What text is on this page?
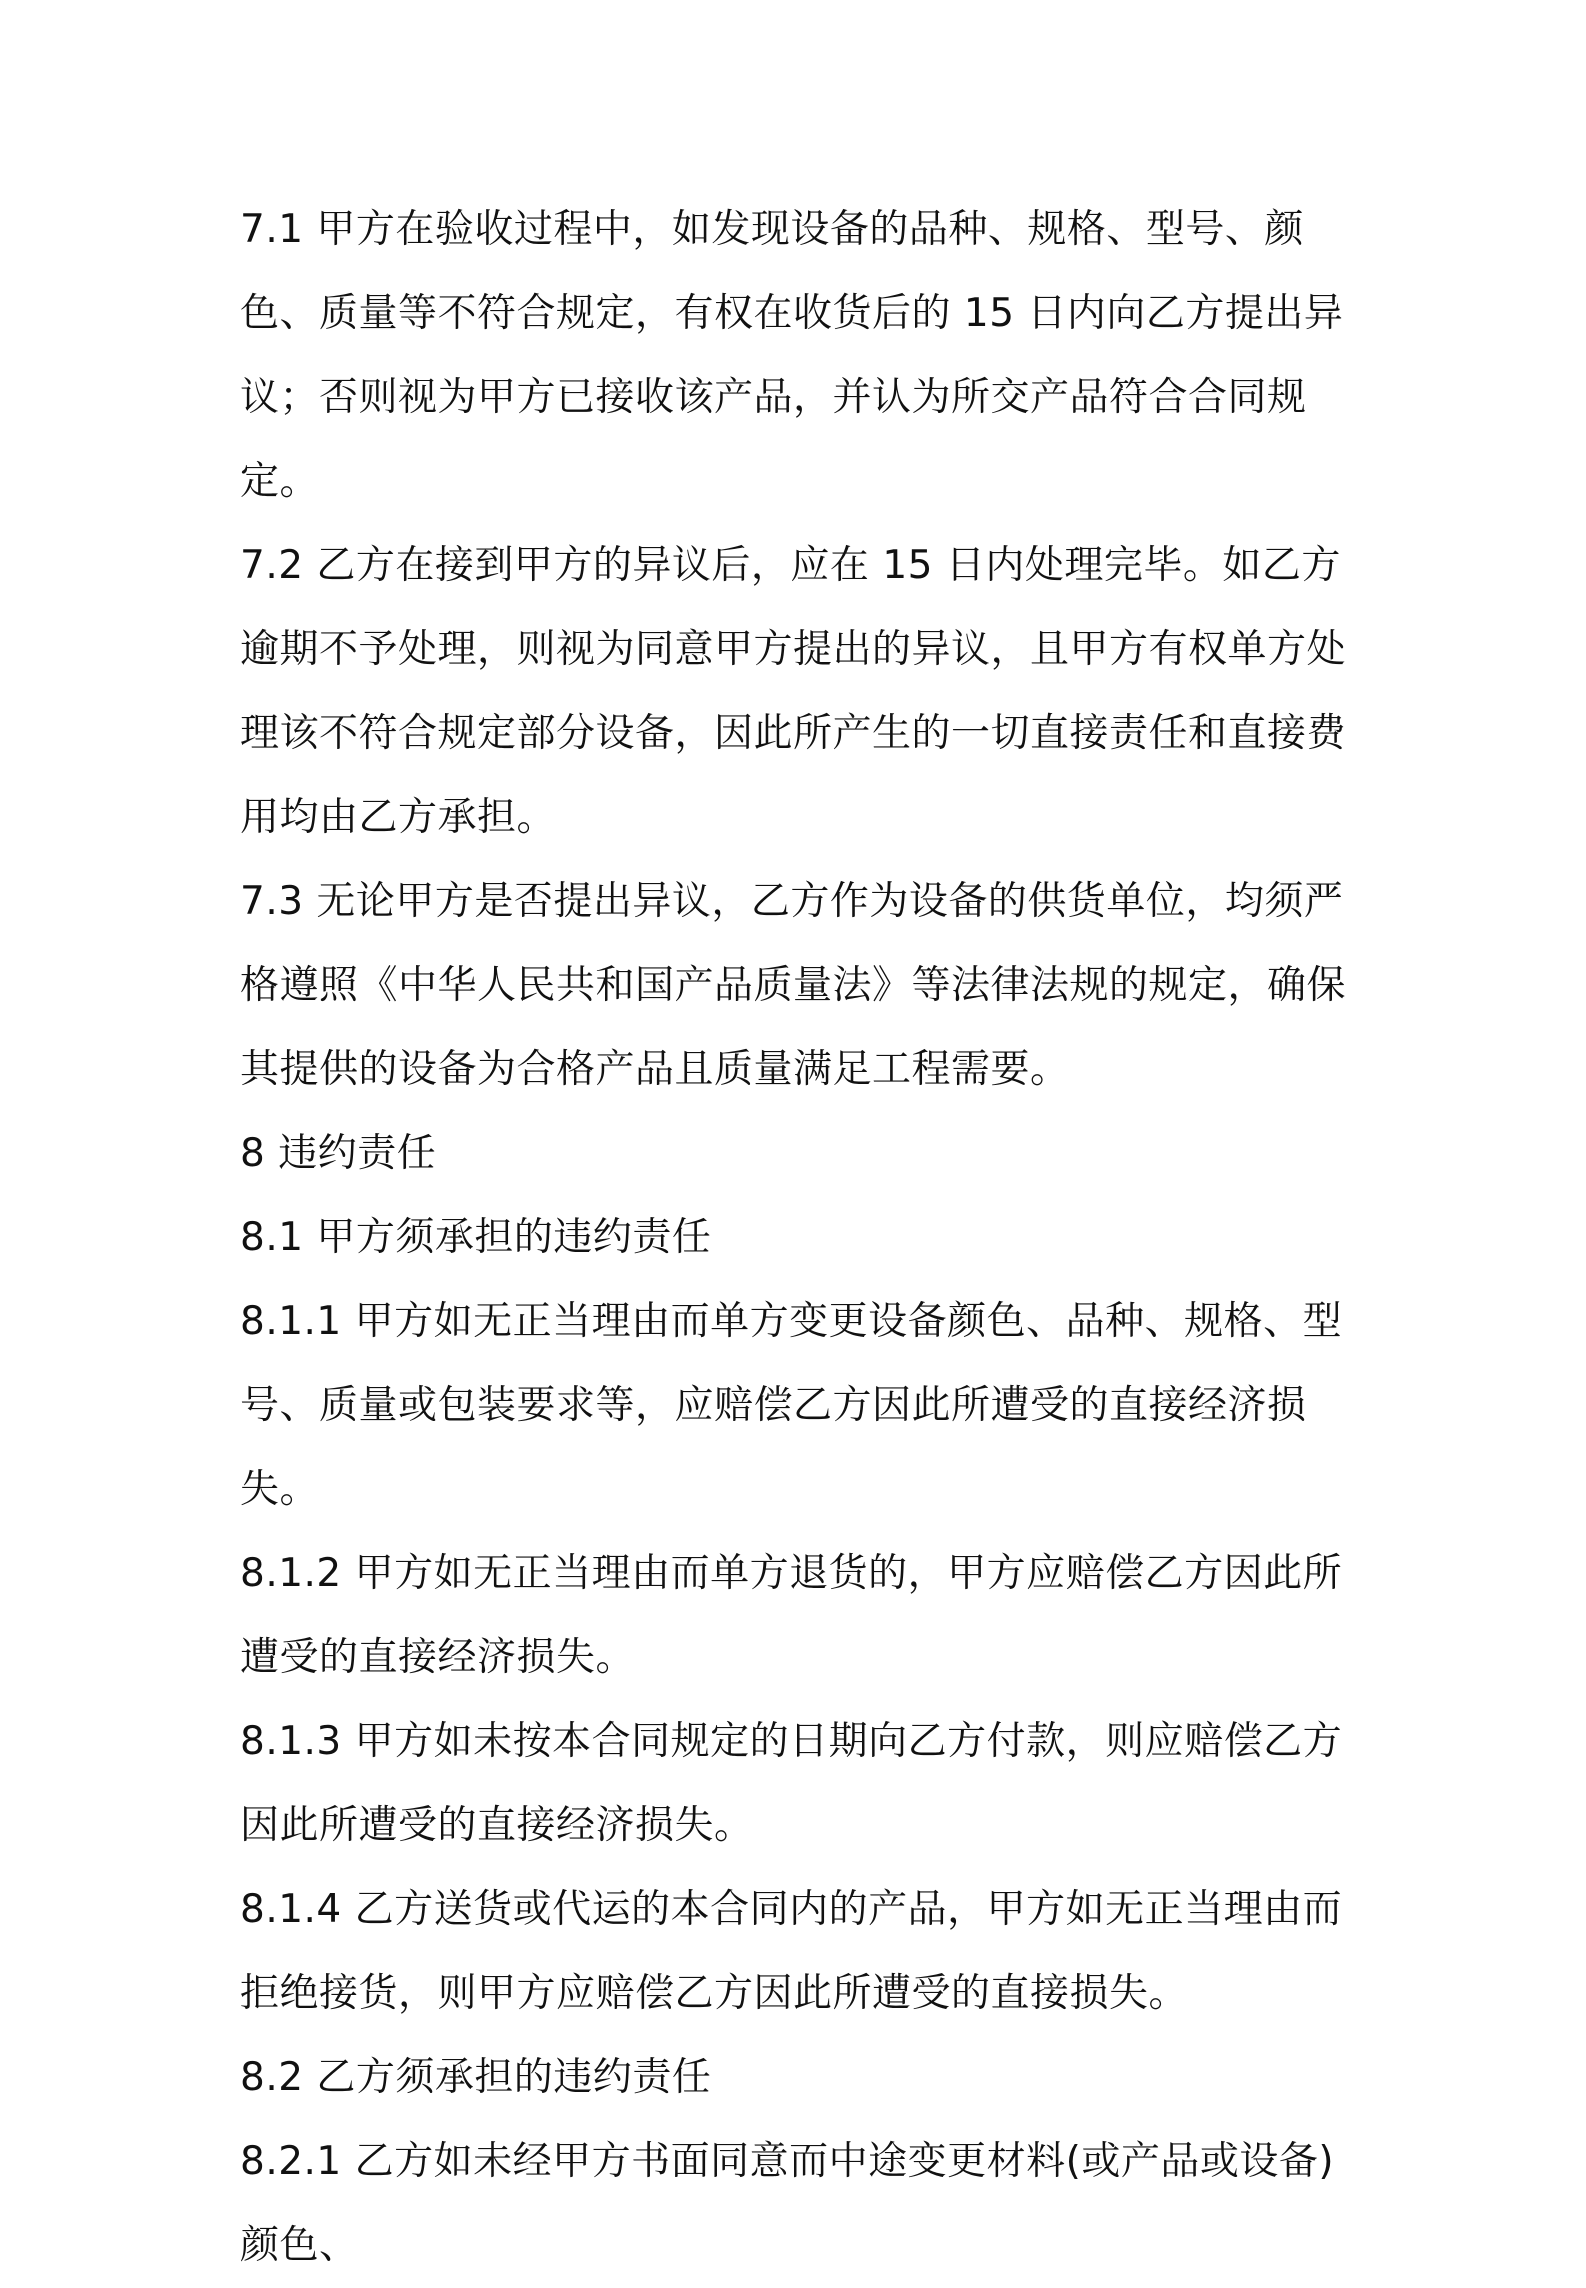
7.1 甲方在验收过程中，如发现设备的品种、规格、型号、颜色、质量等不符合规定，有权在收货后的 15 日内向乙方提出异议；否则视为甲方已接收该产品，并认为所交产品符合合同规定。

7.2 乙方在接到甲方的异议后，应在 15 日内处理完毕。如乙方逾期不予处理，则视为同意甲方提出的异议，且甲方有权单方处理该不符合规定部分设备，因此所产生的一切直接责任和直接费用均由乙方承担。

7.3 无论甲方是否提出异议，乙方作为设备的供货单位，均须严格遵照《中华人民共和国产品质量法》等法律法规的规定，确保其提供的设备为合格产品且质量满足工程需要。

8 违约责任

8.1 甲方须承担的违约责任

8.1.1 甲方如无正当理由而单方变更设备颜色、品种、规格、型号、质量或包装要求等，应赔偿乙方因此所遭受的直接经济损失。

8.1.2 甲方如无正当理由而单方退货的，甲方应赔偿乙方因此所遭受的直接经济损失。

8.1.3 甲方如未按本合同规定的日期向乙方付款，则应赔偿乙方因此所遭受的直接经济损失。

8.1.4 乙方送货或代运的本合同内的产品，甲方如无正当理由而拒绝接货，则甲方应赔偿乙方因此所遭受的直接损失。

8.2 乙方须承担的违约责任

8.2.1 乙方如未经甲方书面同意而中途变更材料(或产品或设备)颜色、
